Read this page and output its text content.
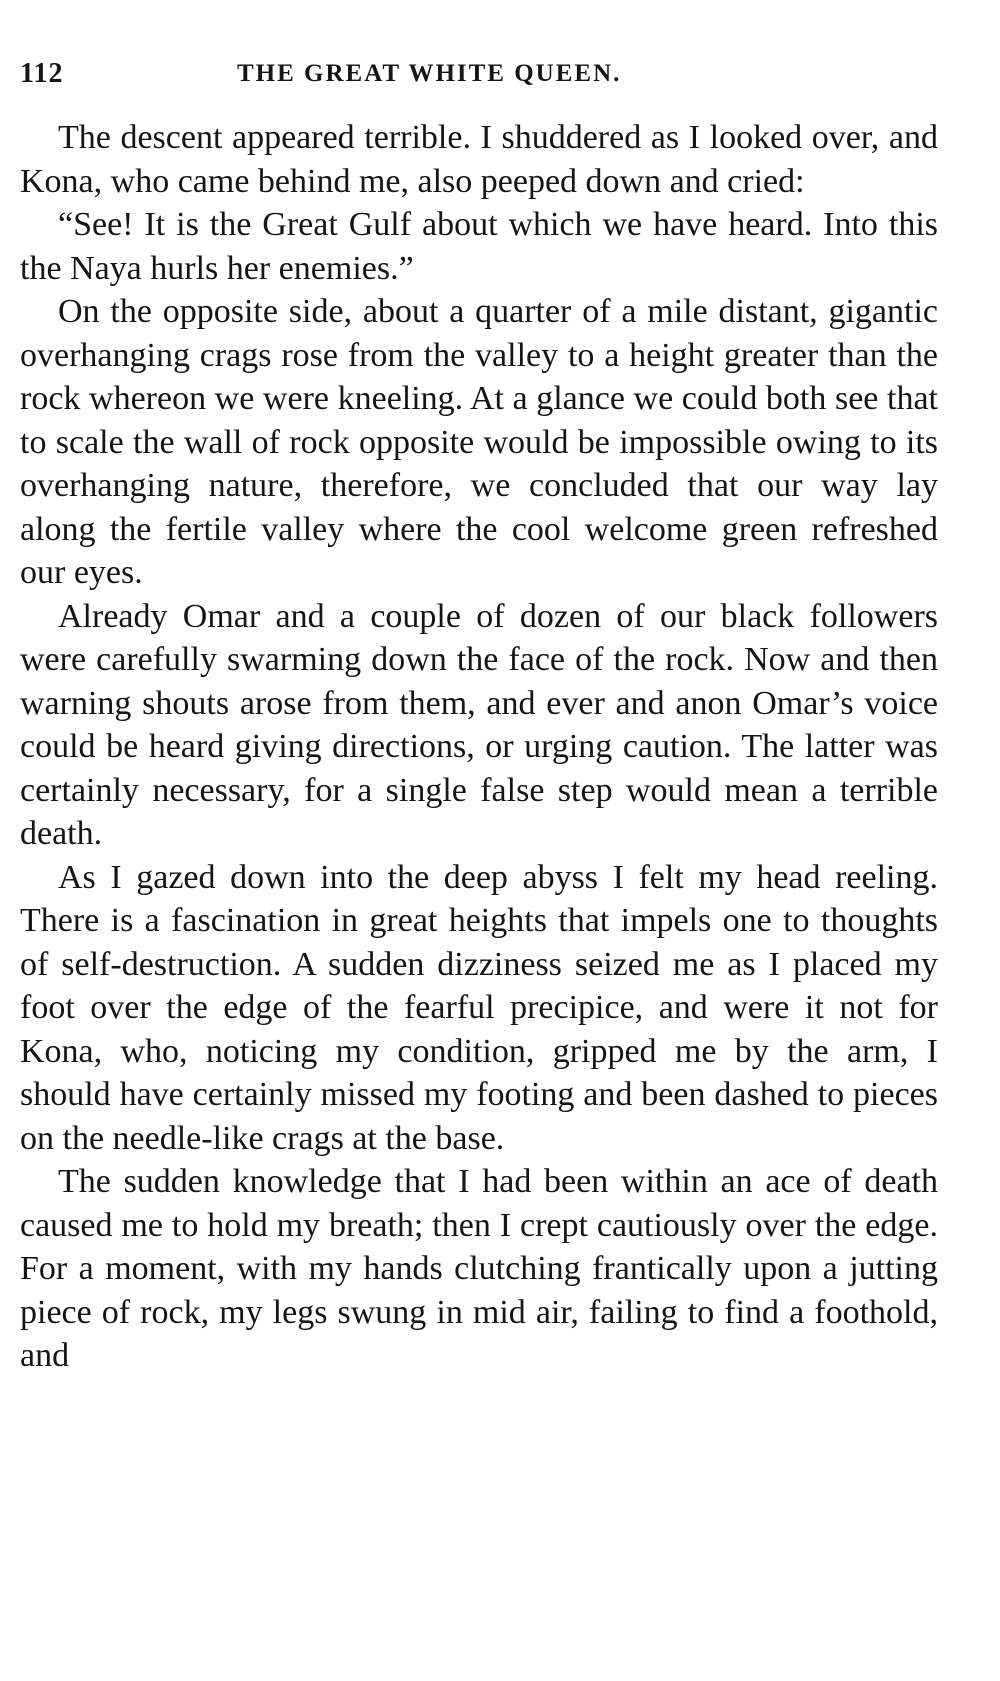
112	THE GREAT WHITE QUEEN.

The descent appeared terrible. I shuddered as I looked over, and Kona, who came behind me, also peeped down and cried:

“See! It is the Great Gulf about which we have heard. Into this the Naya hurls her enemies.”

On the opposite side, about a quarter of a mile distant, gigantic overhanging crags rose from the valley to a height greater than the rock whereon we were kneeling. At a glance we could both see that to scale the wall of rock opposite would be impossible owing to its overhanging nature, therefore, we concluded that our way lay along the fertile valley where the cool welcome green refreshed our eyes.

Already Omar and a couple of dozen of our black followers were carefully swarming down the face of the rock. Now and then warning shouts arose from them, and ever and anon Omar’s voice could be heard giving directions, or urging caution. The latter was certainly necessary, for a single false step would mean a terrible death.

As I gazed down into the deep abyss I felt my head reeling. There is a fascination in great heights that impels one to thoughts of self-destruction. A sudden dizziness seized me as I placed my foot over the edge of the fearful precipice, and were it not for Kona, who, noticing my condition, gripped me by the arm, I should have certainly missed my footing and been dashed to pieces on the needle-like crags at the base.

The sudden knowledge that I had been within an ace of death caused me to hold my breath; then I crept cautiously over the edge. For a moment, with my hands clutching frantically upon a jutting piece of rock, my legs swung in mid air, failing to find a foothold, and
